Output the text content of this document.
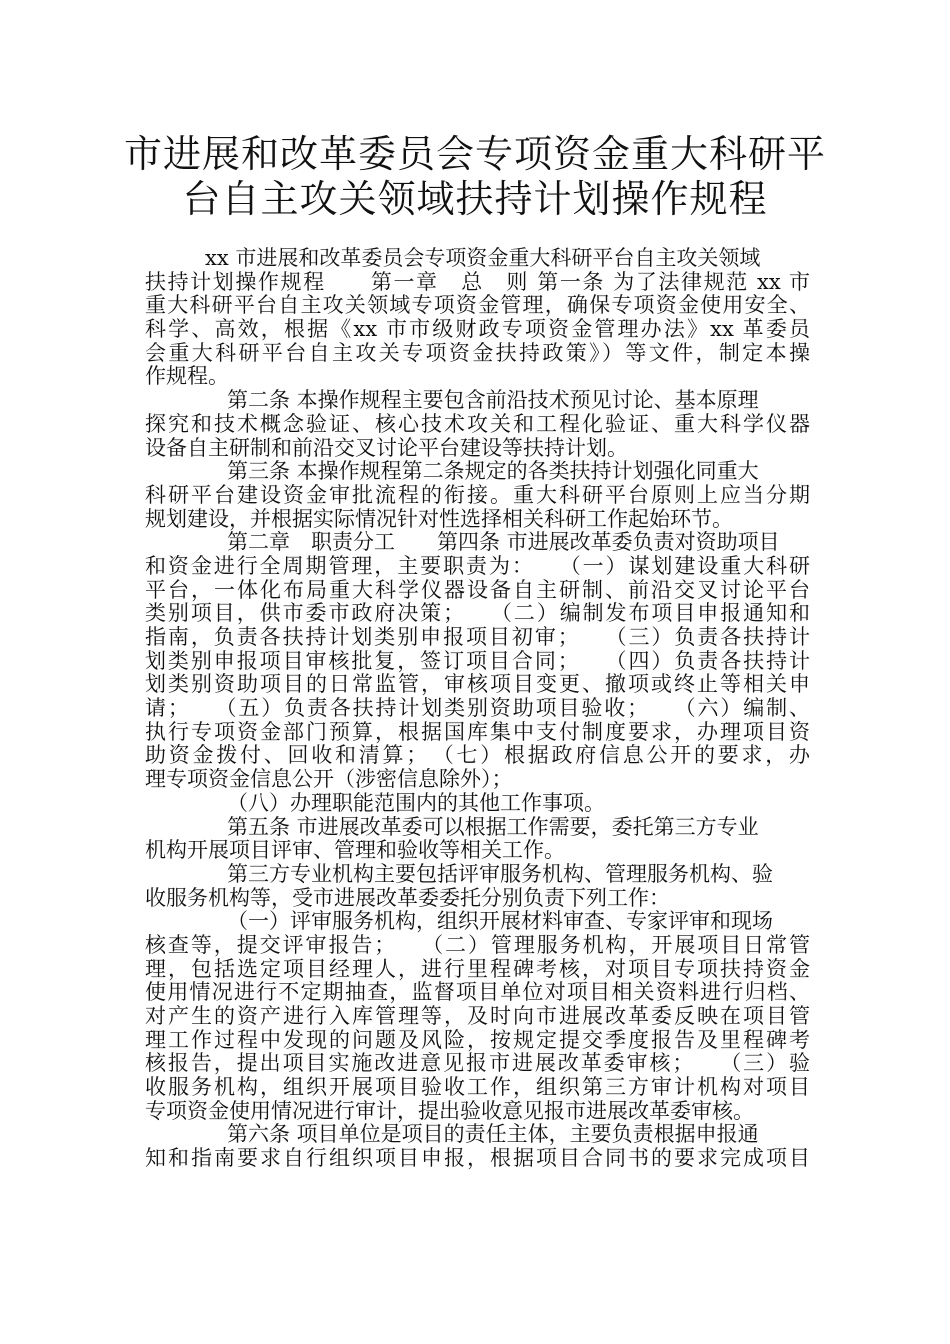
市进展和改革委员会专项资金重大科研平
台自主攻关领域扶持计划操作规程
xx 市进展和改革委员会专项资金重大科研平台自主攻关领域
扶持计划操作规程　　第一章　总　则 第一条 为了法律规范 xx 市
重大科研平台自主攻关领域专项资金管理，确保专项资金使用安全、
科学、高效，根据《xx 市市级财政专项资金管理办法》xx 革委员
会重大科研平台自主攻关专项资金扶持政策》）等文件，制定本操
作规程。
第二条 本操作规程主要包含前沿技术预见讨论、基本原理
探究和技术概念验证、核心技术攻关和工程化验证、重大科学仪器
设备自主研制和前沿交叉讨论平台建设等扶持计划。
第三条 本操作规程第二条规定的各类扶持计划强化同重大
科研平台建设资金审批流程的衔接。重大科研平台原则上应当分期
规划建设，并根据实际情况针对性选择相关科研工作起始环节。
第二章　职责分工　　第四条 市进展改革委负责对资助项目
和资金进行全周期管理，主要职责为：　　（一）谋划建设重大科研
平台，一体化布局重大科学仪器设备自主研制、前沿交叉讨论平台
类别项目，供市委市政府决策；　　（二）编制发布项目申报通知和
指南，负责各扶持计划类别申报项目初审；　　（三）负责各扶持计
划类别申报项目审核批复，签订项目合同；　　（四）负责各扶持计
划类别资助项目的日常监管，审核项目变更、撤项或终止等相关申
请；　　（五）负责各扶持计划类别资助项目验收；　　（六）编制、
执行专项资金部门预算，根据国库集中支付制度要求，办理项目资
助资金拨付、回收和清算；　（七）根据政府信息公开的要求，办
理专项资金信息公开（涉密信息除外）；
（八）办理职能范围内的其他工作事项。
第五条 市进展改革委可以根据工作需要，委托第三方专业
机构开展项目评审、管理和验收等相关工作。
第三方专业机构主要包括评审服务机构、管理服务机构、验
收服务机构等，受市进展改革委委托分别负责下列工作：
（一）评审服务机构，组织开展材料审查、专家评审和现场
核查等，提交评审报告；　　（二）管理服务机构，开展项目日常管
理，包括选定项目经理人，进行里程碑考核，对项目专项扶持资金
使用情况进行不定期抽查，监督项目单位对项目相关资料进行归档、
对产生的资产进行入库管理等，及时向市进展改革委反映在项目管
理工作过程中发现的问题及风险，按规定提交季度报告及里程碑考
核报告，提出项目实施改进意见报市进展改革委审核；　　（三）验
收服务机构，组织开展项目验收工作，组织第三方审计机构对项目
专项资金使用情况进行审计，提出验收意见报市进展改革委审核。
第六条 项目单位是项目的责任主体，主要负责根据申报通
知和指南要求自行组织项目申报，根据项目合同书的要求完成项目
